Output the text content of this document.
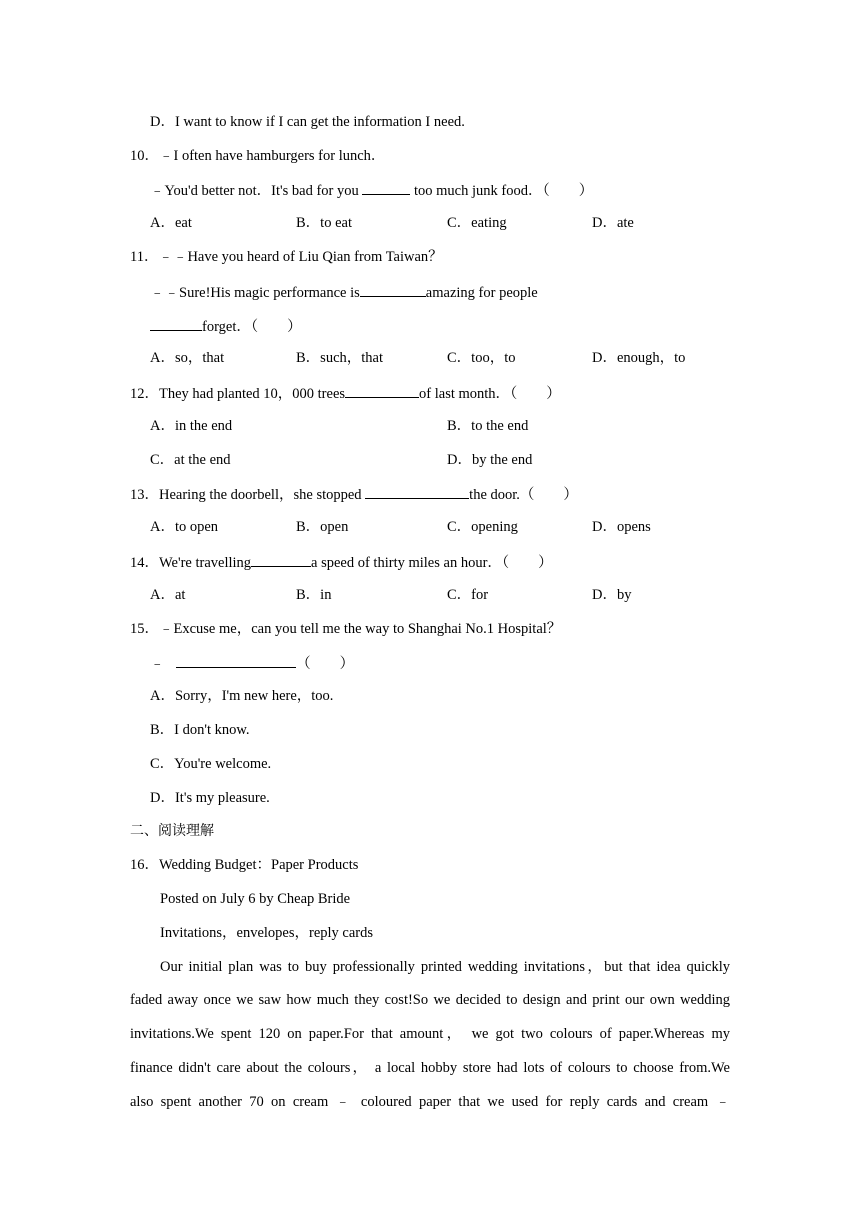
D．I want to know if I can get the information I need.
10．﹣I often have hamburgers for lunch．
﹣You'd better not．It's bad for you	too much junk food．（　　）
A．eat	B．to eat	C．eating	D．ate
11．﹣﹣Have you heard of Liu Qian from Taiwan？
﹣﹣Sure!His magic performance is	amazing for people
forget．（　　）
A．so，that	B．such，that	C．too，to	D．enough，to
12．They had planted 10，000 trees	of last month．（　　）
A．in the end	B．to the end
C．at the end	D．by the end
13．Hearing the doorbell，she stopped	the door.（　　）
A．to open	B．open	C．opening	D．opens
14．We're travelling	a speed of thirty miles an hour．（　　）
A．at	B．in	C．for	D．by
15．﹣Excuse me，can you tell me the way to Shanghai No.1 Hospital？
﹣	（　　）
A．Sorry，I'm new here，too.
B．I don't know.
C．You're welcome.
D．It's my pleasure.
二、阅读理解
16．Wedding Budget：Paper Products
Posted on July 6 by Cheap Bride
Invitations，envelopes，reply cards
Our initial plan was to buy professionally printed wedding invitations，but that idea quickly
faded away once we saw how much they cost!So we decided to design and print our own wedding
invitations.We spent 120 on paper.For that amount， we got two colours of paper.Whereas my
finance didn't care about the colours， a local hobby store had lots of colours to choose from.We
also spent another 70 on cream ﹣ coloured paper that we used for reply cards and cream ﹣
